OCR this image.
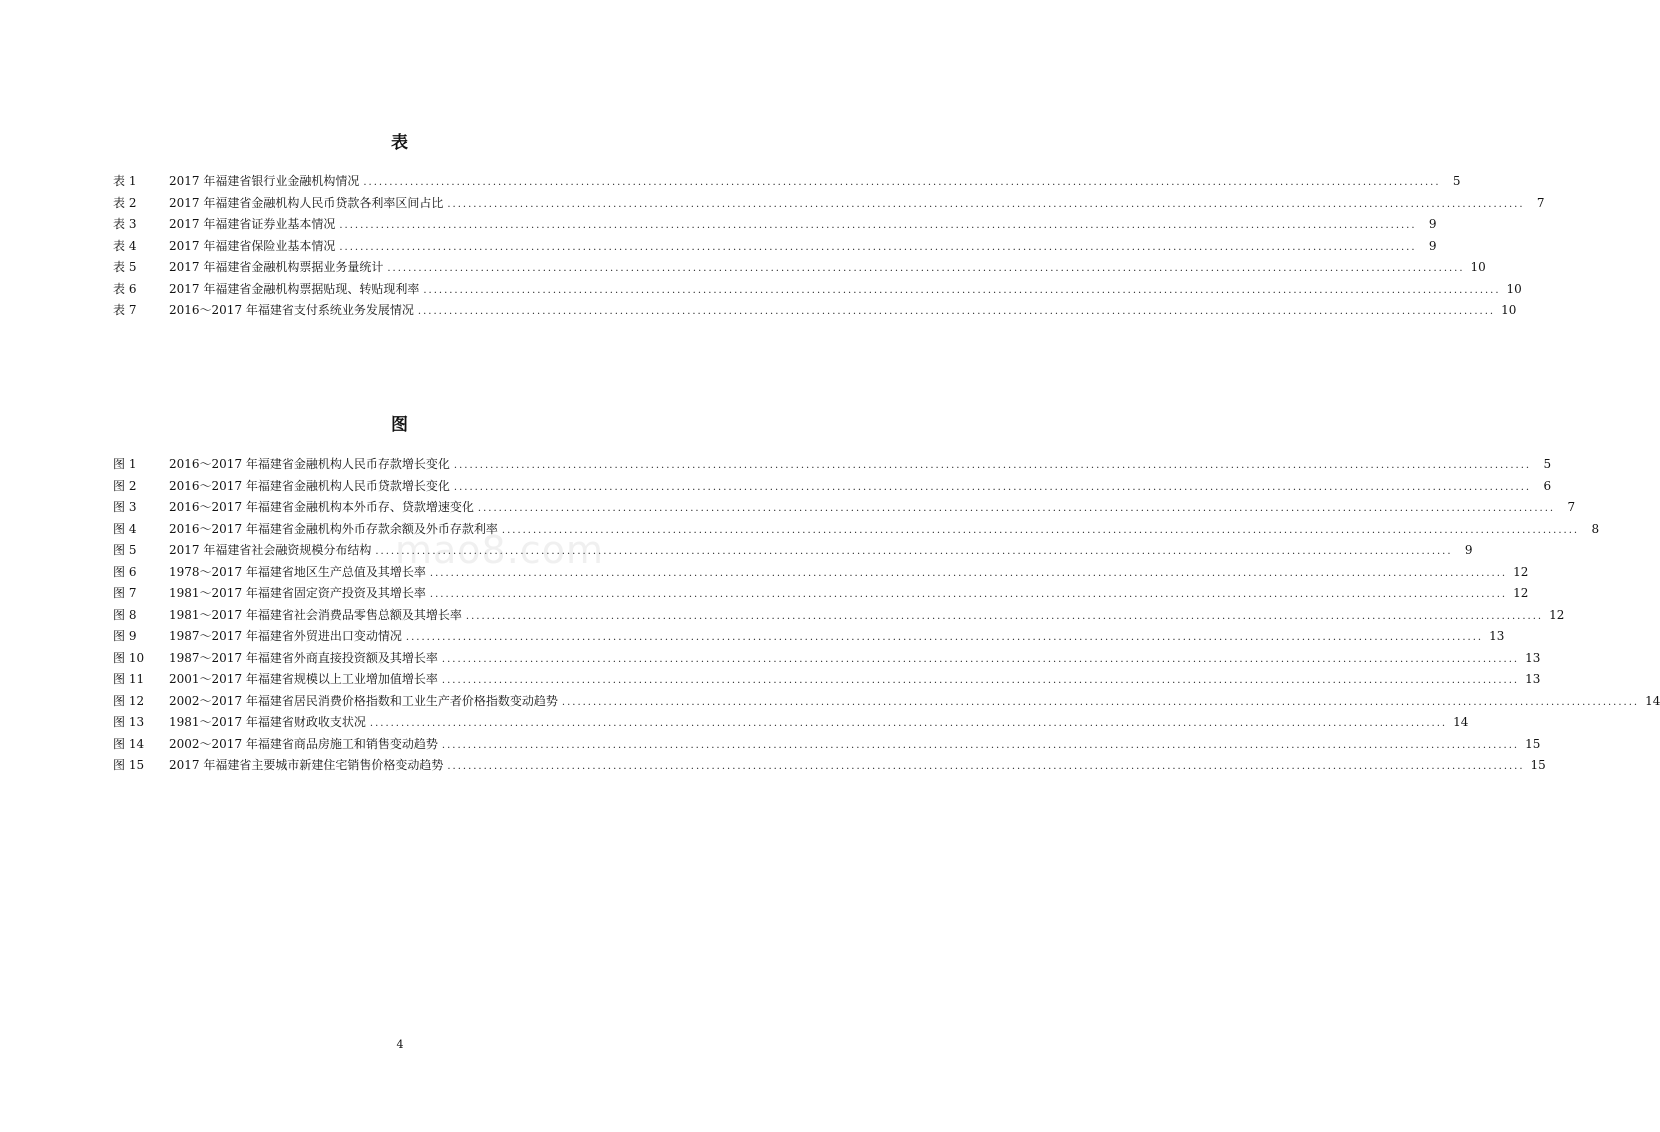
表
表 1	2017 年福建省银行业金融机构情况 .....	5
表 2	2017 年福建省金融机构人民币贷款各利率区间占比 .....	7
表 3	2017 年福建省证券业基本情况 .....	9
表 4	2017 年福建省保险业基本情况 .....	9
表 5	2017 年福建省金融机构票据业务量统计 .....	10
表 6	2017 年福建省金融机构票据贴现、转贴现利率 .....	10
表 7	2016～2017 年福建省支付系统业务发展情况 .....	10
图
图 1	2016～2017 年福建省金融机构人民币存款增长变化 .....	5
图 2	2016～2017 年福建省金融机构人民币贷款增长变化 .....	6
图 3	2016～2017 年福建省金融机构本外币存、贷款增速变化 .....	7
图 4	2016～2017 年福建省金融机构外币存款余额及外币存款利率 .....	8
图 5	2017 年福建省社会融资规模分布结构 .....	9
图 6	1978～2017 年福建省地区生产总值及其增长率 .....	12
图 7	1981～2017 年福建省固定资产投资及其增长率 .....	12
图 8	1981～2017 年福建省社会消费品零售总额及其增长率 .....	12
图 9	1987～2017 年福建省外贸进出口变动情况 .....	13
图 10	1987～2017 年福建省外商直接投资额及其增长率 .....	13
图 11	2001～2017 年福建省规模以上工业增加值增长率 .....	13
图 12	2002～2017 年福建省居民消费价格指数和工业生产者价格指数变动趋势 .....	14
图 13	1981～2017 年福建省财政收支状况 .....	14
图 14	2002～2017 年福建省商品房施工和销售变动趋势 .....	15
图 15	2017 年福建省主要城市新建住宅销售价格变动趋势 .....	15
mao8.com
4
